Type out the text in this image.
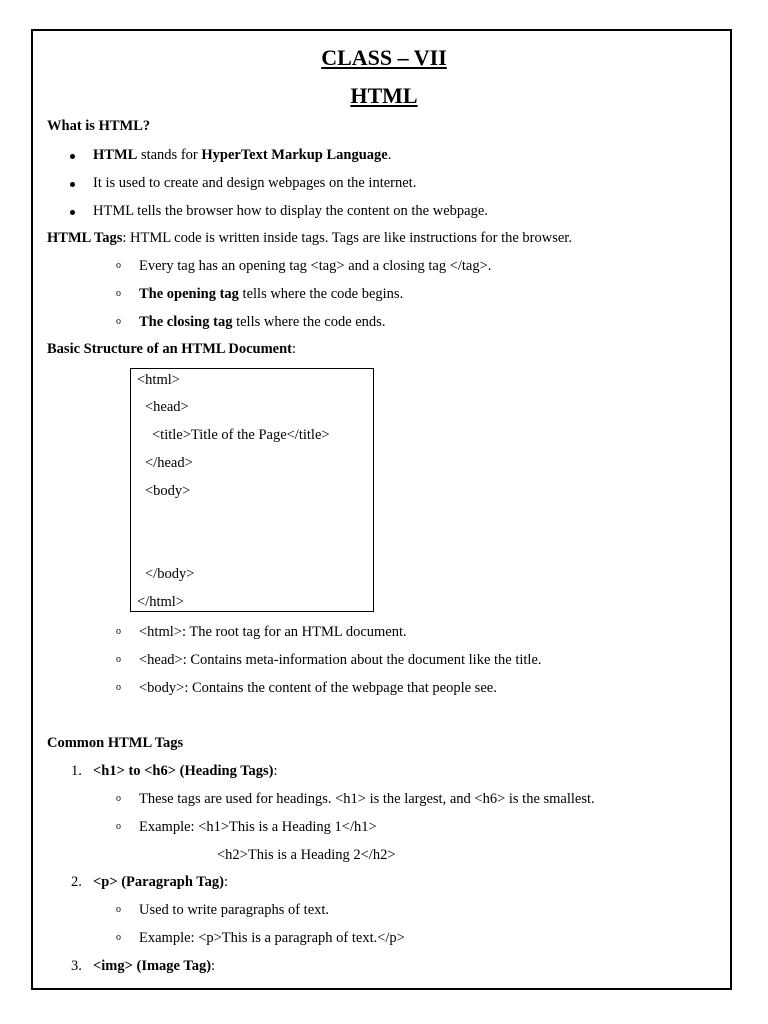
CLASS – VII
HTML
What is HTML?
HTML stands for HyperText Markup Language.
It is used to create and design webpages on the internet.
HTML tells the browser how to display the content on the webpage.
HTML Tags: HTML code is written inside tags. Tags are like instructions for the browser.
o Every tag has an opening tag <tag> and a closing tag </tag>.
o The opening tag tells where the code begins.
o The closing tag tells where the code ends.
Basic Structure of an HTML Document:
<html>
<head>
<title>Title of the Page</title>
</head>
<body>
</body>
</html>
o <html>: The root tag for an HTML document.
o <head>: Contains meta-information about the document like the title.
o <body>: Contains the content of the webpage that people see.
Common HTML Tags
1. <h1> to <h6> (Heading Tags):
o These tags are used for headings. <h1> is the largest, and <h6> is the smallest.
o Example: <h1>This is a Heading 1</h1>
<h2>This is a Heading 2</h2>
2. <p> (Paragraph Tag):
o Used to write paragraphs of text.
o Example: <p>This is a paragraph of text.</p>
3. <img> (Image Tag):
